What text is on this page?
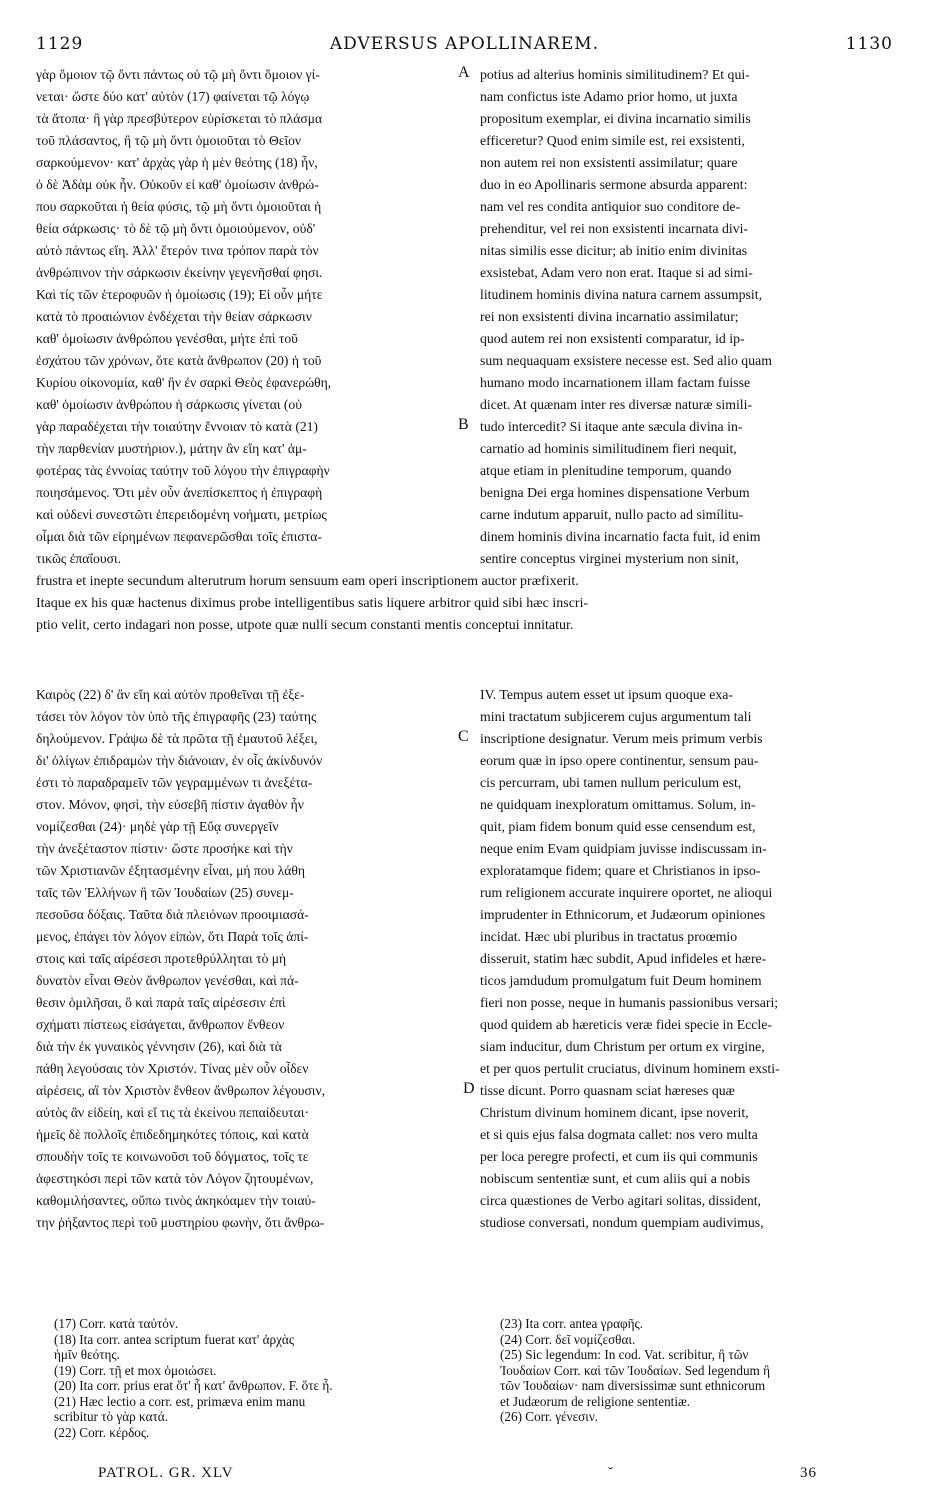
1129	ADVERSUS APOLLINAREM.	1130
γὰρ ὅμοιον τῷ ὄντι πάντως οὐ τῷ μὴ ὄντι ὅμοιον γί-
νεται· ὥστε δύο κατ' αὐτὸν (17) φαίνεται τῷ λόγῳ
τὰ ἄτοπα· ἢ γὰρ πρεσβύτερον εὑρίσκεται τὸ πλάσμα
τοῦ πλάσαντος, ἢ τῷ μὴ ὄντι ὁμοιοῦται τὸ Θεῖον
σαρκούμενον· κατ' ἀρχὰς γὰρ ἡ μὲν θεότης (18) ἦν,
ὁ δὲ Ἀδὰμ οὐκ ἦν. Οὐκοῦν εἰ καθ' ὁμοίωσιν ἀνθρώ-
που σαρκοῦται ἡ θεία φύσις, τῷ μὴ ὄντι ὁμοιοῦται ἡ
θεία σάρκωσις· τὸ δὲ τῷ μὴ ὄντι ὁμοιούμενον, οὐδ'
αὐτὸ πάντως εἴη. Ἀλλ' ἕτερόν τινα τρόπον παρὰ τὸν
ἀνθρώπινον τὴν σάρκωσιν ἐκείνην γεγενῆσθαί φησι.
Καὶ τίς τῶν ἑτεροφυῶν ἡ ὁμοίωσις (19); Εἰ οὖν μήτε
κατὰ τὸ προαιώνιον ἐνδέχεται τὴν θείαν σάρκωσιν
καθ' ὁμοίωσιν ἀνθρώπου γενέσθαι, μήτε ἐπὶ τοῦ
ἐσχάτου τῶν χρόνων, ὅτε κατὰ ἄνθρωπον (20) ἡ τοῦ
Κυρίου οἰκονομία, καθ' ἣν ἐν σαρκὶ Θεὸς ἐφανερώθη,
καθ' ὁμοίωσιν ἀνθρώπου ἡ σάρκωσις γίνεται (οὐ
γὰρ παραδέχεται τὴν τοιαύτην ἔννοιαν τὸ κατὰ (21)
τὴν παρθενίαν μυστήριον.), μάτην ἂν εἴη κατ' ἀμ-
φοτέρας τὰς ἐννοίας ταύτην τοῦ λόγου τὴν ἐπιγραφὴν
ποιησάμενος. Ὅτι μὲν οὖν ἀνεπίσκεπτος ἡ ἐπιγραφὴ
καὶ οὐδενὶ συνεστῶτι ἐπερειδομένη νοήματι, μετρίως
οἶμαι διὰ τῶν εἰρημένων πεφανερῶσθαι τοῖς ἐπιστα-
τικῶς ἐπαΐουσι.
potius ad alterius hominis similitudinem? Et qui-
nam confictus iste Adamo prior homo, ut juxta
propositum exemplar, ei divina incarnatio similis
efficeretur? Quod enim simile est, rei exsistenti,
non autem rei non exsistenti assimilatur; quare
duo in eo Apollinaris sermone absurda apparent:
nam vel res condita antiquior suo conditore de-
prehenditur, vel rei non exsistenti incarnata divi-
nitas similis esse dicitur; ab initio enim divinitas
exsistebat, Adam vero non erat. Itaque si ad simi-
litudinem hominis divina natura carnem assumpsit,
rei non exsistenti divina incarnatio assimilatur;
quod autem rei non exsistenti comparatur, id ip-
sum nequaquam exsistere necesse est. Sed alio quam
humano modo incarnationem illam factam fuisse
dicet. At quænam inter res diversæ naturæ simili-
tudo intercedit? Si itaque ante sæcula divina in-
carnatio ad hominis similitudinem fieri nequit,
atque etiam in plenitudine temporum, quando
benigna Dei erga homines dispensatione Verbum
carne indutum apparuit, nullo pacto ad simílitu-
dinem hominis divina incarnatio facta fuit, id enim
sentire conceptus virginei mysterium non sinit,
frustra et inepte secundum alterutrum horum sensuum eam operi inscriptionem auctor præfixerit.
Itaque ex his quæ hactenus diximus probe intelligentibus satis liquere arbitror quid sibi hæc inscri-
ptio velit, certo indagari non posse, utpote quæ nulli secum constanti mentis conceptui innitatur.
Καιρὸς (22) δ' ἂν εἴη καὶ αὐτὸν προθεῖναι τῇ ἐξε-
τάσει τὸν λόγον τὸν ὑπὸ τῆς ἐπιγραφῆς (23) ταύτης
δηλούμενον. Γράψω δὲ τὰ πρῶτα τῇ ἐμαυτοῦ λέξει,
δι' ὀλίγων ἐπιδραμὼν τὴν διάνοιαν, ἐν οἷς ἀκίνδυνόν
ἐστι τὸ παραδραμεῖν τῶν γεγραμμένων τι ἀνεξέτα-
στον. Μόνον, φησὶ, τὴν εὐσεβῆ πίστιν ἀγαθὸν ἦν
νομίζεσθαι (24)· μηδὲ γὰρ τῇ Εὔᾳ συνεργεῖν
τὴν ἀνεξέταστον πίστιν· ὥστε προσήκε καὶ τὴν
τῶν Χριστιανῶν ἐξητασμένην εἶναι, μή που λάθη
ταῖς τῶν Ἑλλήνων ἢ τῶν Ἰουδαίων (25) συνεμ-
πεσοῦσα δόξαις. Ταῦτα διὰ πλειόνων προοιμιασά-
μενος, ἐπάγει τὸν λόγον εἰπὼν, ὅτι Παρὰ τοῖς ἀπί-
στοις καὶ ταῖς αἱρέσεσι προτεθρύλληται τὸ μὴ
δυνατὸν εἶναι Θεὸν ἄνθρωπον γενέσθαι, καὶ πά-
θεσιν ὁμιλῆσαι, ὃ καὶ παρὰ ταῖς αἱρέσεσιν ἐπὶ
σχήματι πίστεως εἰσάγεται, ἄνθρωπον ἔνθεον
διὰ τὴν ἐκ γυναικὸς γέννησιν (26), καὶ διὰ τὰ
πάθη λεγούσαις τὸν Χριστόν. Τίνας μὲν οὖν οἶδεν
αἱρέσεις, αἳ τὸν Χριστὸν ἔνθεον ἄνθρωπον λέγουσιν,
αὐτὸς ἂν εἰδείη, καὶ εἴ τις τὰ ἐκείνου πεπαίδευται·
ἡμεῖς δὲ πολλοῖς ἐπιδεδημηκότες τόποις, καὶ κατὰ
σπουδὴν τοῖς τε κοινωνοῦσι τοῦ δόγματος, τοῖς τε
ἀφεστηκόσι περὶ τῶν κατὰ τὸν Λόγον ζητουμένων,
καθομιλήσαντες, οὔπω τινὸς ἀκηκόαμεν τὴν τοιαύ-
την ῥήξαντος περὶ τοῦ μυστηρίου φωνὴν, ὅτι ἄνθρω-
IV. Tempus autem esset ut ipsum quoque exa-
mini tractatum subjicerem cujus argumentum tali
inscriptione designatur. Verum meis primum verbis
eorum quæ in ipso opere continentur, sensum pau-
cis percurram, ubi tamen nullum periculum est,
ne quidquam inexploratum omittamus. Solum, in-
quit, piam fidem bonum quid esse censendum est,
neque enim Evam quidpiam juvisse indiscussam in-
exploratamque fidem; quare et Christianos in ipso-
rum religionem accurate inquirere oportet, ne alioqui
imprudenter in Ethnicorum, et Judæorum opiniones
incidat. Hæc ubi pluribus in tractatus proœmio
disseruit, statim hæc subdit, Apud infideles et hære-
ticos jamdudum promulgatum fuit Deum hominem
fieri non posse, neque in humanis passionibus versari;
quod quidem ab hæreticis veræ fidei specie in Eccle-
siam inducitur, dum Christum per ortum ex virgine,
et per quos pertulit cruciatus, divinum hominem exsti-
tisse dicunt. Porro quasnam sciat hæreses quæ
Christum divinum hominem dicant, ipse noverit,
et si quis ejus falsa dogmata callet: nos vero multa
per loca peregre profecti, et cum iis qui communis
nobiscum sententiæ sunt, et cum aliis qui a nobis
circa quæstiones de Verbo agitari solitas, dissident,
studiose conversati, nondum quempiam audivimus,
A
B
C
D
(17) Corr. κατὰ ταὐτόν.
(18) Ita corr. antea scriptum fuerat κατ' ἀρχὰς
ἡμῖν θεότης.
(19) Corr. τῇ et mox ὁμοιώσει.
(20) Ita corr. prius erat ὅτ' ἦ κατ' ἄνθρωπον. F. ὅτε ἦ.
(21) Hæc lectio a corr. est, primæva enim manu
scribitur τὸ γὰρ κατά.
(22) Corr. κέρδος.
(23) Ita corr. antea γραφῆς.
(24) Corr. δεῖ νομίζεσθαι.
(25) Sic legendum: In cod. Vat. scribitur, ἢ τῶν
Ἰουδαίων Corr. καὶ τῶν Ἰουδαίων. Sed legendum ἢ
τῶν Ἰουδαίων· nam diversissimæ sunt ethnicorum
et Judæorum de religione sententiæ.
(26) Corr. γένεσιν.
PATROL. GR. XLV	˘	36
